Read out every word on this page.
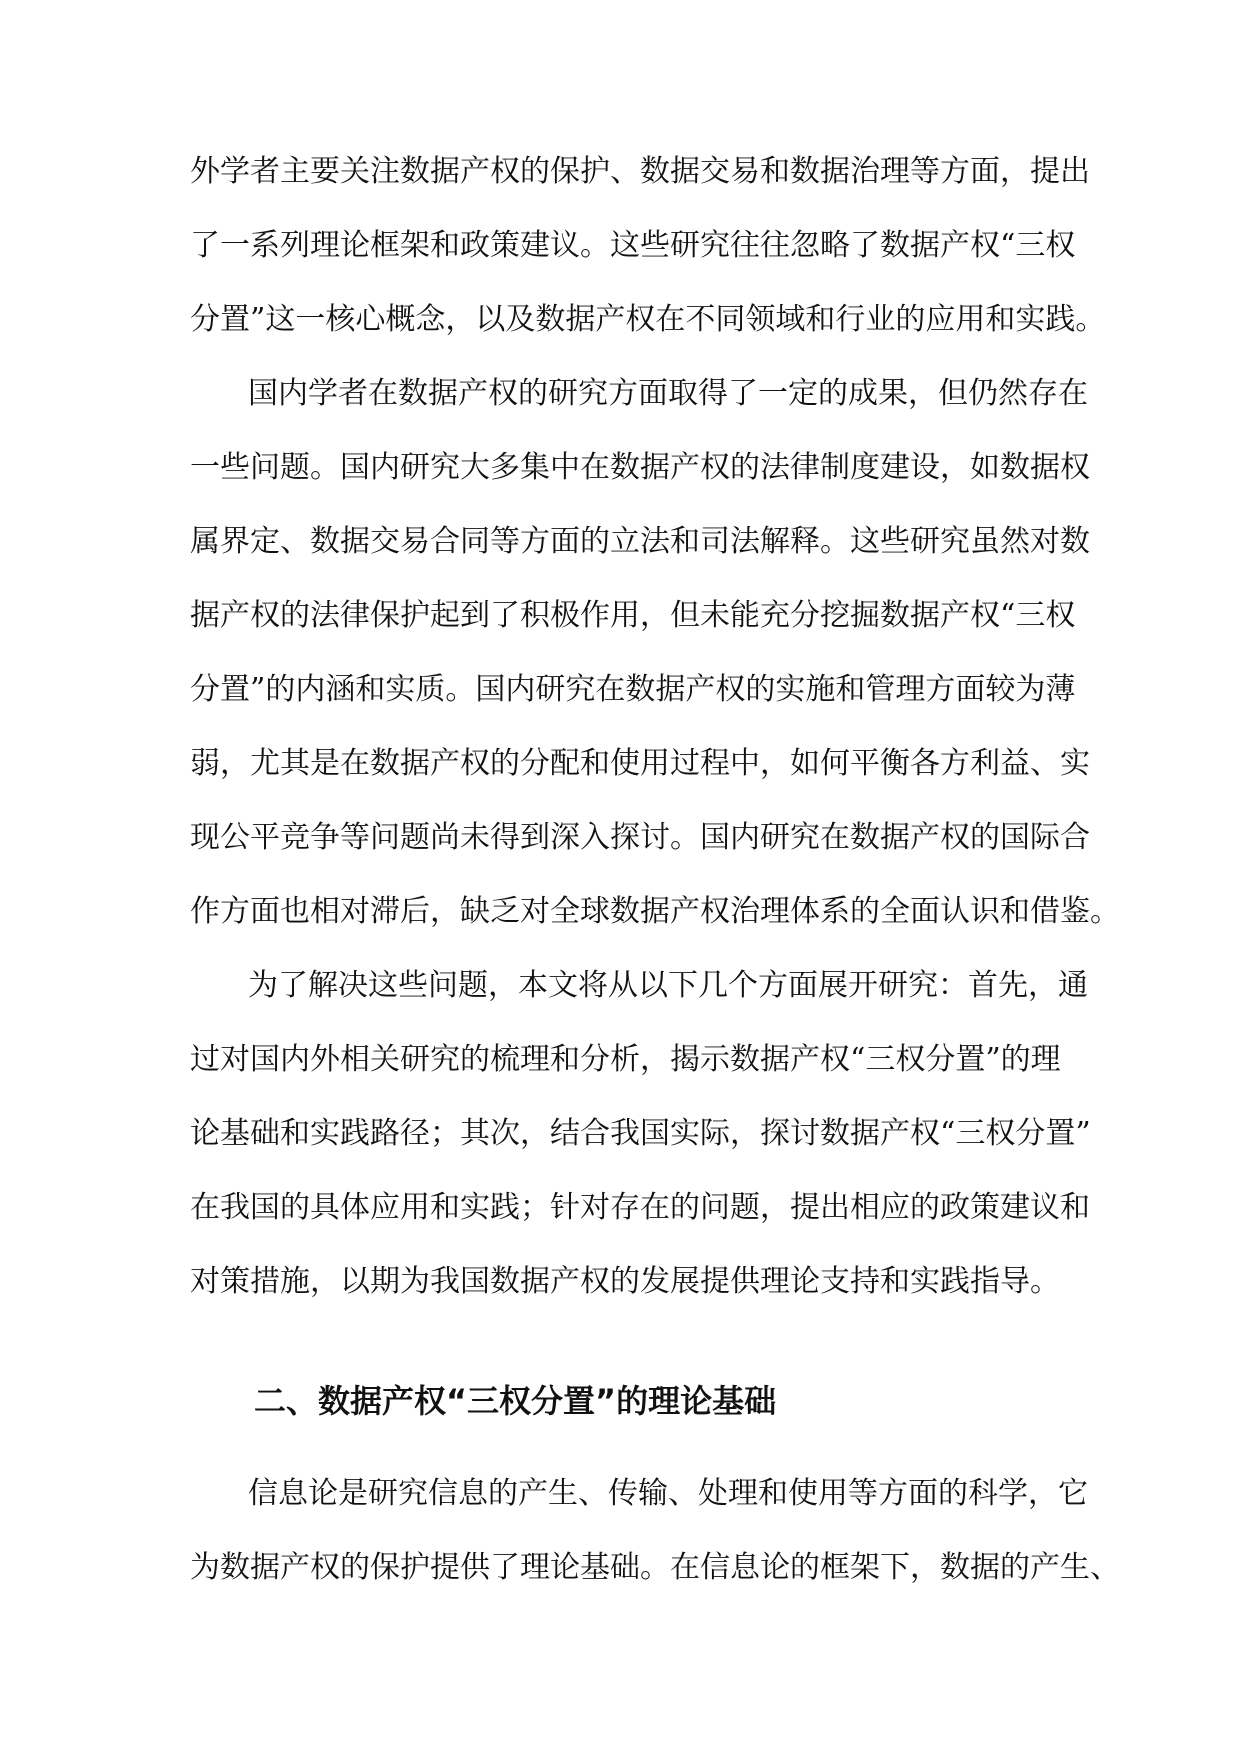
外学者主要关注数据产权的保护、数据交易和数据治理等方面，提出
了一系列理论框架和政策建议。这些研究往往忽略了数据产权“三权
分置”这一核心概念，以及数据产权在不同领域和行业的应用和实践。
国内学者在数据产权的研究方面取得了一定的成果，但仍然存在
一些问题。国内研究大多集中在数据产权的法律制度建设，如数据权
属界定、数据交易合同等方面的立法和司法解释。这些研究虽然对数
据产权的法律保护起到了积极作用，但未能充分挖掘数据产权“三权
分置”的内涵和实质。国内研究在数据产权的实施和管理方面较为薄
弱，尤其是在数据产权的分配和使用过程中，如何平衡各方利益、实
现公平竞争等问题尚未得到深入探讨。国内研究在数据产权的国际合
作方面也相对滞后，缺乏对全球数据产权治理体系的全面认识和借鉴。
为了解决这些问题，本文将从以下几个方面展开研究：首先，通
过对国内外相关研究的梳理和分析，揭示数据产权“三权分置”的理
论基础和实践路径；其次，结合我国实际，探讨数据产权“三权分置”
在我国的具体应用和实践；针对存在的问题，提出相应的政策建议和
对策措施，以期为我国数据产权的发展提供理论支持和实践指导。
二、数据产权“三权分置”的理论基础
信息论是研究信息的产生、传输、处理和使用等方面的科学，它
为数据产权的保护提供了理论基础。在信息论的框架下，数据的产生、
